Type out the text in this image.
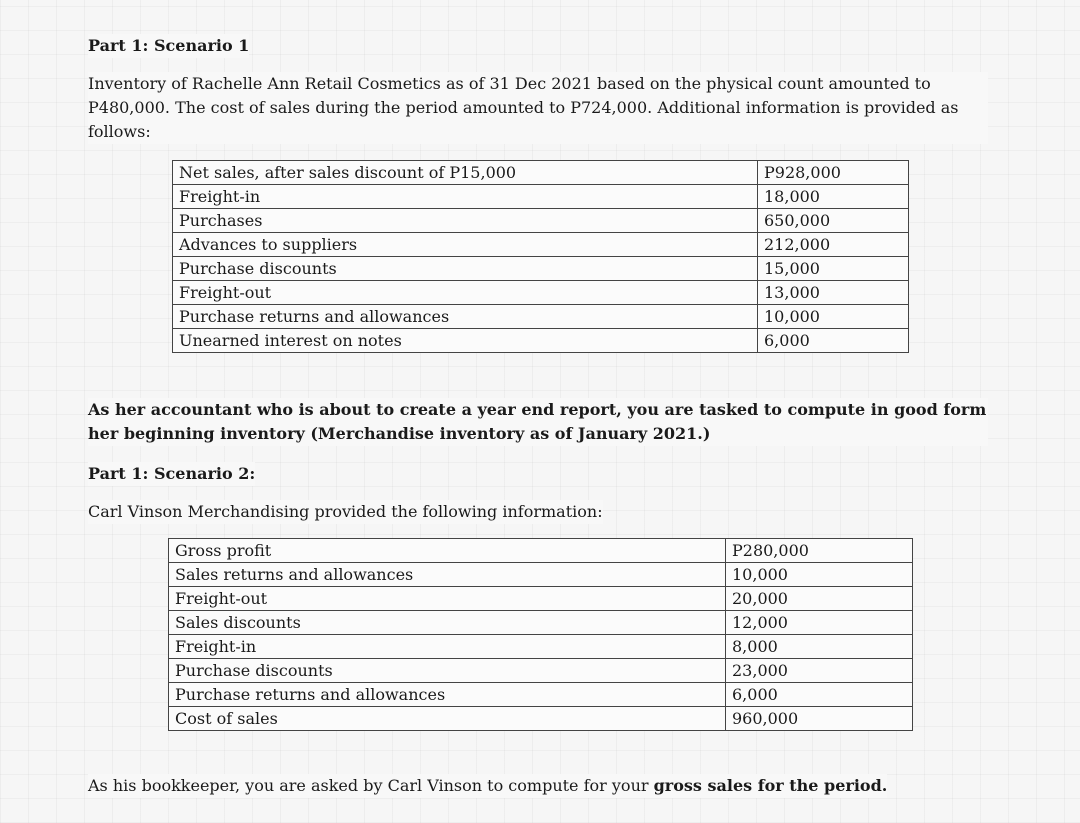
Part 1: Scenario 1
Inventory of Rachelle Ann Retail Cosmetics as of 31 Dec 2021 based on the physical count amounted to P480,000. The cost of sales during the period amounted to P724,000. Additional information is provided as follows:
Net sales, after sales discount of P15,000	P928,000
Freight-in	18,000
Purchases	650,000
Advances to suppliers	212,000
Purchase discounts	15,000
Freight-out	13,000
Purchase returns and allowances	10,000
Unearned interest on notes	6,000
As her accountant who is about to create a year end report, you are tasked to compute in good form her beginning inventory (Merchandise inventory as of January 2021.)
Part 1: Scenario 2:
Carl Vinson Merchandising provided the following information:
Gross profit	P280,000
Sales returns and allowances	10,000
Freight-out	20,000
Sales discounts	12,000
Freight-in	8,000
Purchase discounts	23,000
Purchase returns and allowances	6,000
Cost of sales	960,000
As his bookkeeper, you are asked by Carl Vinson to compute for your gross sales for the period.
